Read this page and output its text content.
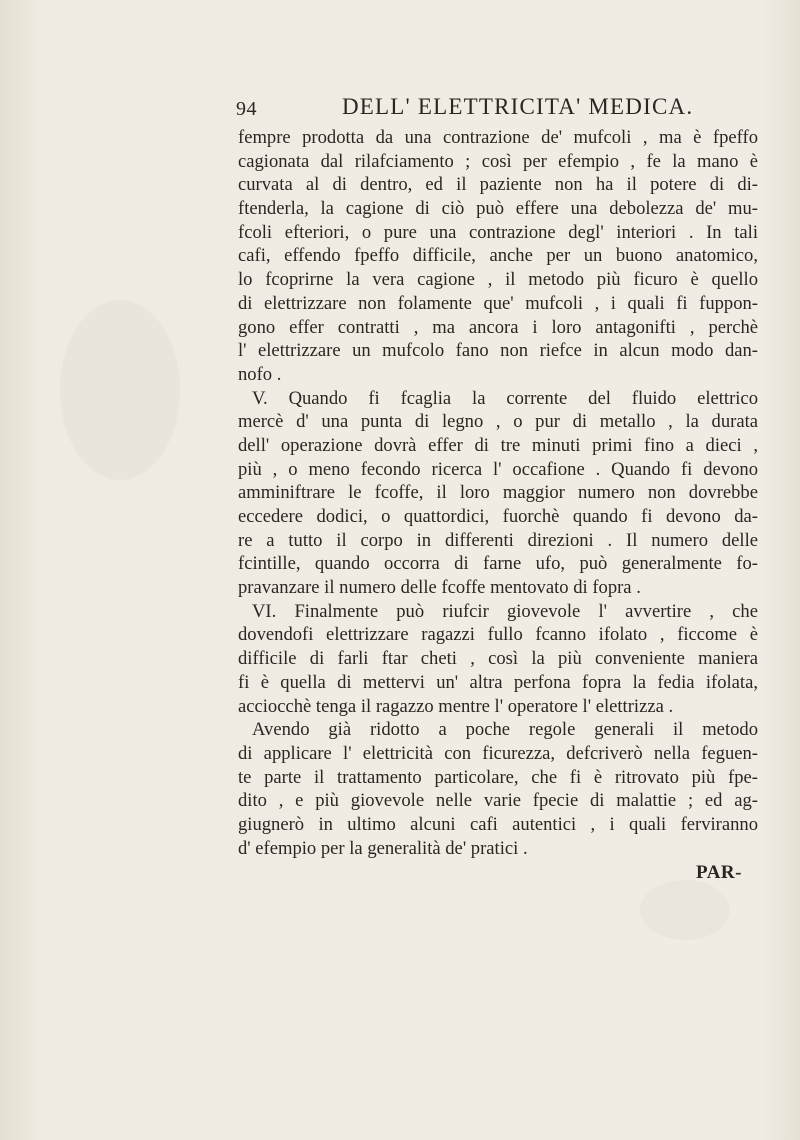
94	DELL' ELETTRICITA' MEDICA.
fempre prodotta da una contrazione de' mufcoli , ma è fpeffo
cagionata dal rilafciamento ; così per efempio , fe la mano è
curvata al di dentro, ed il paziente non ha il potere di di-
ftenderla, la cagione di ciò può effere una debolezza de' mu-
fcoli efteriori, o pure una contrazione degl' interiori . In tali
cafi, effendo fpeffo difficile, anche per un buono anatomico,
lo fcoprirne la vera cagione , il metodo più ficuro è quello
di elettrizzare non folamente que' mufcoli , i quali fi fuppon-
gono effer contratti , ma ancora i loro antagonifti , perchè
l' elettrizzare un mufcolo fano non riefce in alcun modo dan-
nofo .
V. Quando fi fcaglia la corrente del fluido elettrico
mercè d' una punta di legno , o pur di metallo , la durata
dell' operazione dovrà effer di tre minuti primi fino a dieci ,
più , o meno fecondo ricerca l' occafione . Quando fi devono
amminiftrare le fcoffe, il loro maggior numero non dovrebbe
eccedere dodici, o quattordici, fuorchè quando fi devono da-
re a tutto il corpo in differenti direzioni . Il numero delle
fcintille, quando occorra di farne ufo, può generalmente fo-
pravanzare il numero delle fcoffe mentovato di fopra .
VI. Finalmente può riufcir giovevole l' avvertire , che
dovendofi elettrizzare ragazzi fullo fcanno ifolato , ficcome è
difficile di farli ftar cheti , così la più conveniente maniera
fi è quella di mettervi un' altra perfona fopra la fedia ifolata,
acciocchè tenga il ragazzo mentre l' operatore l' elettrizza .
Avendo già ridotto a poche regole generali il metodo
di applicare l' elettricità con ficurezza, defcriverò nella feguen-
te parte il trattamento particolare, che fi è ritrovato più fpe-
dito , e più giovevole nelle varie fpecie di malattie ; ed ag-
giugnerò in ultimo alcuni cafi autentici , i quali ferviranno
d' efempio per la generalità de' pratici .
PAR-
